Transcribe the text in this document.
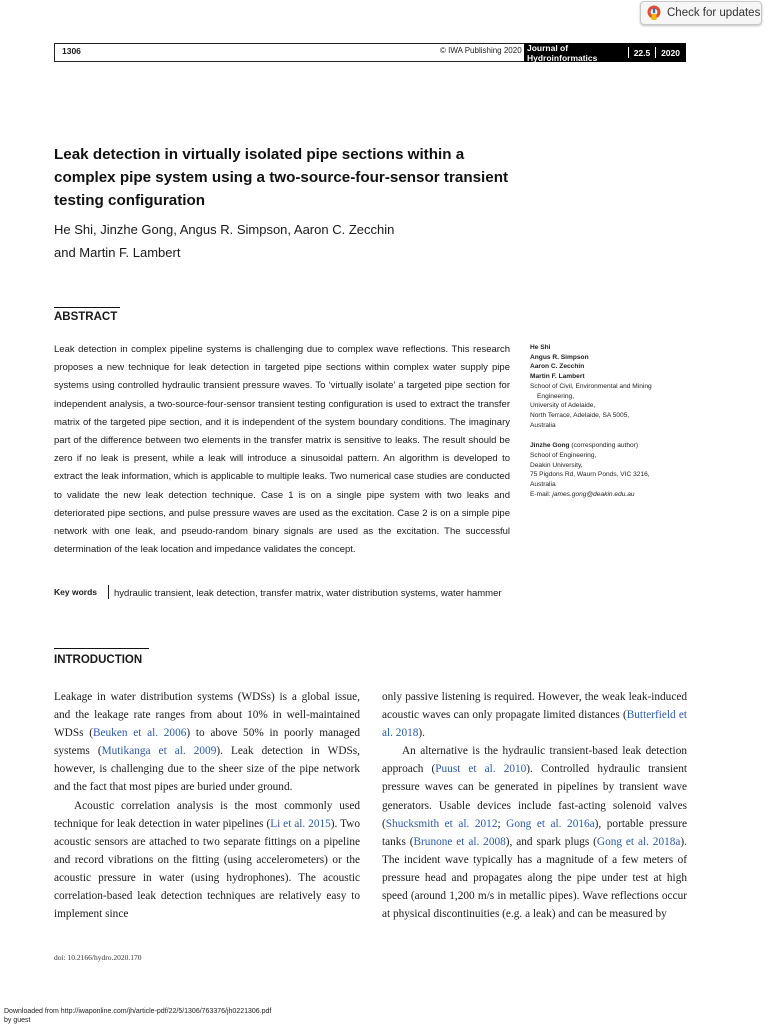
Check for updates
1306	© IWA Publishing 2020 Journal of Hydroinformatics	22.5 2020
Leak detection in virtually isolated pipe sections within a complex pipe system using a two-source-four-sensor transient testing configuration
He Shi, Jinzhe Gong, Angus R. Simpson, Aaron C. Zecchin
and Martin F. Lambert
ABSTRACT
Leak detection in complex pipeline systems is challenging due to complex wave reflections. This research proposes a new technique for leak detection in targeted pipe sections within complex water supply pipe systems using controlled hydraulic transient pressure waves. To ‘virtually isolate’ a targeted pipe section for independent analysis, a two-source-four-sensor transient testing configuration is used to extract the transfer matrix of the targeted pipe section, and it is independent of the system boundary conditions. The imaginary part of the difference between two elements in the transfer matrix is sensitive to leaks. The result should be zero if no leak is present, while a leak will introduce a sinusoidal pattern. An algorithm is developed to extract the leak information, which is applicable to multiple leaks. Two numerical case studies are conducted to validate the new leak detection technique. Case 1 is on a single pipe system with two leaks and deteriorated pipe sections, and pulse pressure waves are used as the excitation. Case 2 is on a simple pipe network with one leak, and pseudo-random binary signals are used as the excitation. The successful determination of the leak location and impedance validates the concept.
Key words hydraulic transient, leak detection, transfer matrix, water distribution systems, water hammer
He Shi
Angus R. Simpson
Aaron C. Zecchin
Martin F. Lambert
School of Civil, Environmental and Mining
Engineering,
University of Adelaide,
North Terrace, Adelaide, SA 5005,
Australia
Jinzhe Gong (corresponding author)
School of Engineering,
Deakin University,
75 Pigdons Rd, Waurn Ponds, VIC 3216,
Australia
E-mail: james.gong@deakin.edu.au
INTRODUCTION

Leakage in water distribution systems (WDSs) is a global issue, and the leakage rate ranges from about 10% in well-maintained WDSs (Beuken et al. 2006) to above 50% in poorly managed systems (Mutikanga et al. 2009). Leak detection in WDSs, however, is challenging due to the sheer size of the pipe network and the fact that most pipes are buried under ground.

Acoustic correlation analysis is the most commonly used technique for leak detection in water pipelines (Li et al. 2015). Two acoustic sensors are attached to two separate fittings on a pipeline and record vibrations on the fitting (using accelerometers) or the acoustic pressure in water (using hydrophones). The acoustic correlation-based leak detection techniques are relatively easy to implement since

only passive listening is required. However, the weak leak-induced acoustic waves can only propagate limited distances (Butterfield et al. 2018).

An alternative is the hydraulic transient-based leak detection approach (Puust et al. 2010). Controlled hydraulic transient pressure waves can be generated in pipelines by transient wave generators. Usable devices include fast-acting solenoid valves (Shucksmith et al. 2012; Gong et al. 2016a), portable pressure tanks (Brunone et al. 2008), and spark plugs (Gong et al. 2018a). The incident wave typically has a magnitude of a few meters of pressure head and propagates along the pipe under test at high speed (around 1,200 m/s in metallic pipes). Wave reflections occur at physical discontinuities (e.g. a leak) and can be measured by

doi: 10.2166/hydro.2020.170
Downloaded from http://iwaponline.com/jh/article-pdf/22/5/1306/763376/jh0221306.pdf
by guest
